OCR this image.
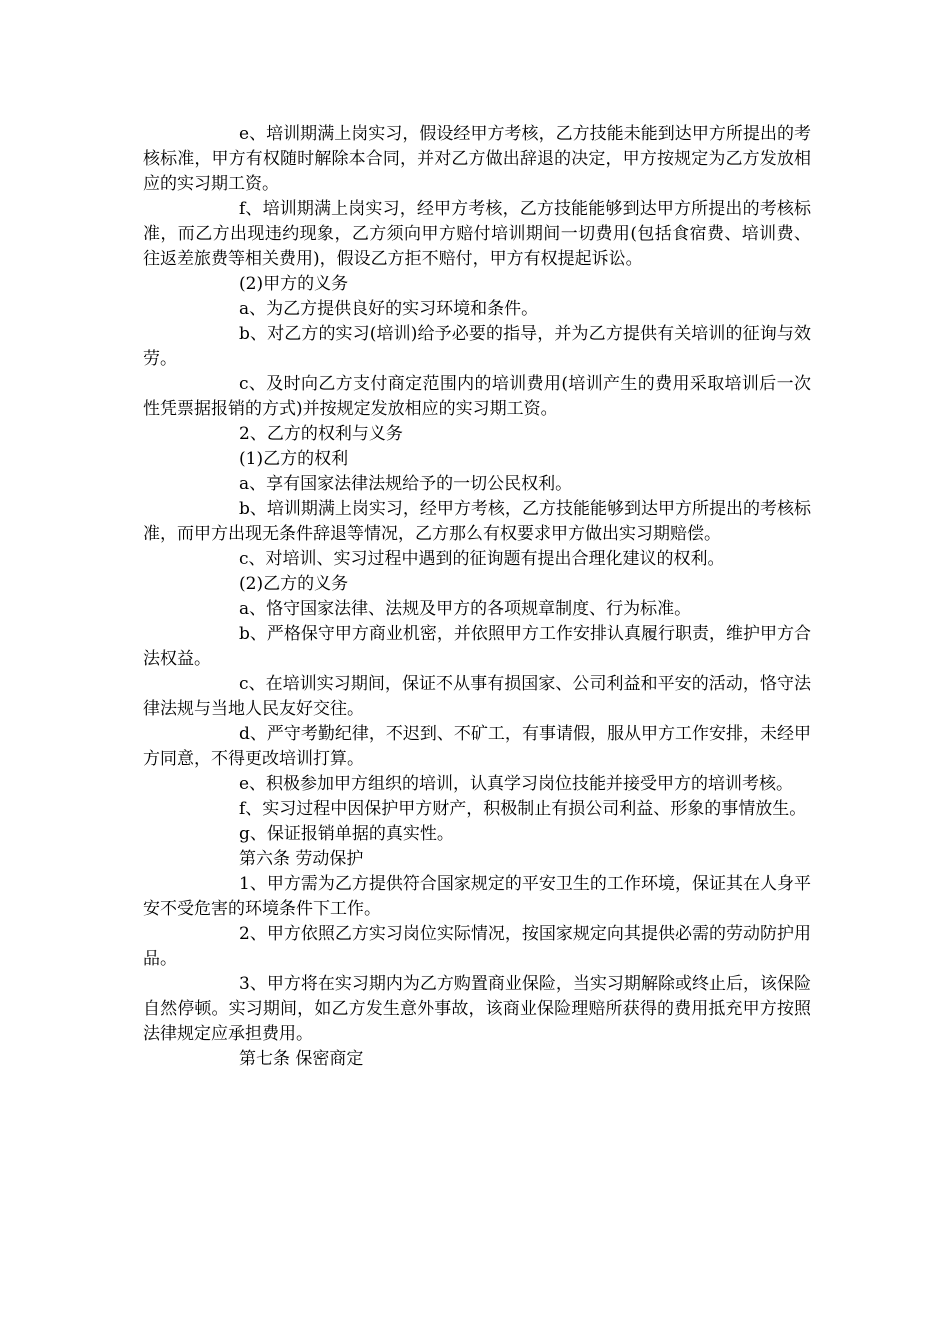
e、培训期满上岗实习，假设经甲方考核，乙方技能未能到达甲方所提出的考核标准，甲方有权随时解除本合同，并对乙方做出辞退的决定，甲方按规定为乙方发放相应的实习期工资。

f、培训期满上岗实习，经甲方考核，乙方技能能够到达甲方所提出的考核标准，而乙方出现违约现象，乙方须向甲方赔付培训期间一切费用(包括食宿费、培训费、往返差旅费等相关费用)，假设乙方拒不赔付，甲方有权提起诉讼。

(2)甲方的义务

a、为乙方提供良好的实习环境和条件。

b、对乙方的实习(培训)给予必要的指导，并为乙方提供有关培训的征询与效劳。

c、及时向乙方支付商定范围内的培训费用(培训产生的费用采取培训后一次性凭票据报销的方式)并按规定发放相应的实习期工资。

2、乙方的权利与义务

(1)乙方的权利

a、享有国家法律法规给予的一切公民权利。

b、培训期满上岗实习，经甲方考核，乙方技能能够到达甲方所提出的考核标准，而甲方出现无条件辞退等情况，乙方那么有权要求甲方做出实习期赔偿。

c、对培训、实习过程中遇到的征询题有提出合理化建议的权利。

(2)乙方的义务

a、恪守国家法律、法规及甲方的各项规章制度、行为标准。

b、严格保守甲方商业机密，并依照甲方工作安排认真履行职责，维护甲方合法权益。

c、在培训实习期间，保证不从事有损国家、公司利益和平安的活动，恪守法律法规与当地人民友好交往。

d、严守考勤纪律，不迟到、不矿工，有事请假，服从甲方工作安排，未经甲方同意，不得更改培训打算。

e、积极参加甲方组织的培训，认真学习岗位技能并接受甲方的培训考核。

f、实习过程中因保护甲方财产，积极制止有损公司利益、形象的事情放生。

g、保证报销单据的真实性。

第六条 劳动保护

1、甲方需为乙方提供符合国家规定的平安卫生的工作环境，保证其在人身平安不受危害的环境条件下工作。

2、甲方依照乙方实习岗位实际情况，按国家规定向其提供必需的劳动防护用品。

3、甲方将在实习期内为乙方购置商业保险，当实习期解除或终止后，该保险自然停顿。实习期间，如乙方发生意外事故，该商业保险理赔所获得的费用抵充甲方按照法律规定应承担费用。

第七条 保密商定
